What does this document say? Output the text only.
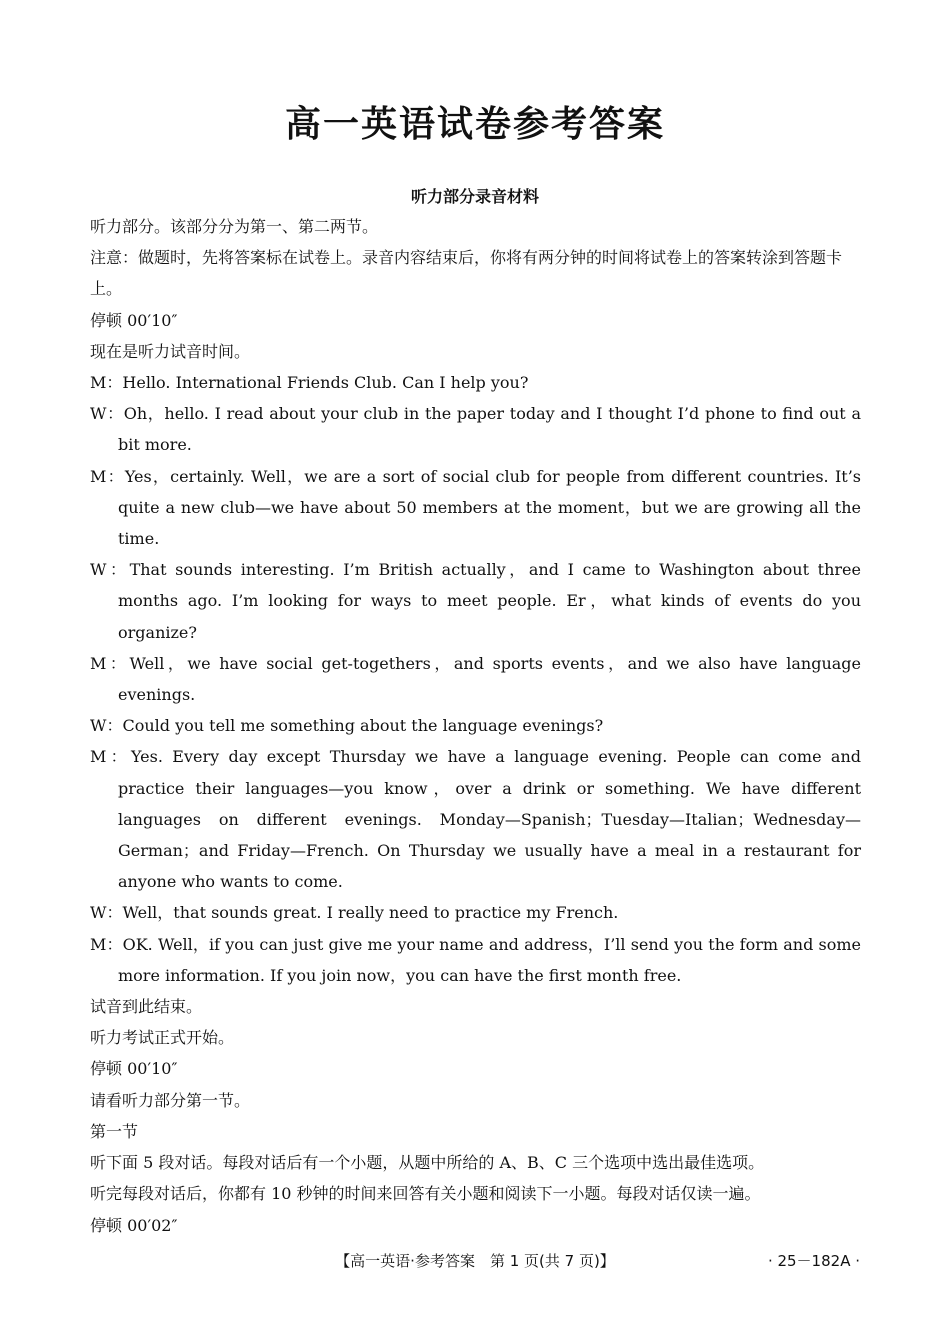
高一英语试卷参考答案
听力部分录音材料

听力部分。该部分分为第一、第二两节。

注意：做题时，先将答案标在试卷上。录音内容结束后，你将有两分钟的时间将试卷上的答案转涂到答题卡上。

停顿 00′10″

现在是听力试音时间。

M：Hello. International Friends Club. Can I help you?

W：Oh，hello. I read about your club in the paper today and I thought I’d phone to find out a bit more.

M：Yes，certainly. Well，we are a sort of social club for people from different countries. It’s quite a new club—we have about 50 members at the moment，but we are growing all the time.

W：That sounds interesting. I’m British actually，and I came to Washington about three months ago. I’m looking for ways to meet people. Er，what kinds of events do you organize?

M：Well，we have social get-togethers，and sports events，and we also have language evenings.

W：Could you tell me something about the language evenings?

M：Yes. Every day except Thursday we have a language evening. People can come and practice their languages—you know，over a drink or something. We have different languages on different evenings. Monday—Spanish；Tuesday—Italian；Wednesday—German；and Friday—French. On Thursday we usually have a meal in a restaurant for anyone who wants to come.

W：Well，that sounds great. I really need to practice my French.

M：OK. Well，if you can just give me your name and address，I’ll send you the form and some more information. If you join now，you can have the first month free.

试音到此结束。

听力考试正式开始。

停顿 00′10″

请看听力部分第一节。

第一节

听下面 5 段对话。每段对话后有一个小题，从题中所给的 A、B、C 三个选项中选出最佳选项。

听完每段对话后，你都有 10 秒钟的时间来回答有关小题和阅读下一小题。每段对话仅读一遍。

停顿 00′02″

【高一英语·参考答案　第 1 页(共 7 页)】	· 25－182A ·
